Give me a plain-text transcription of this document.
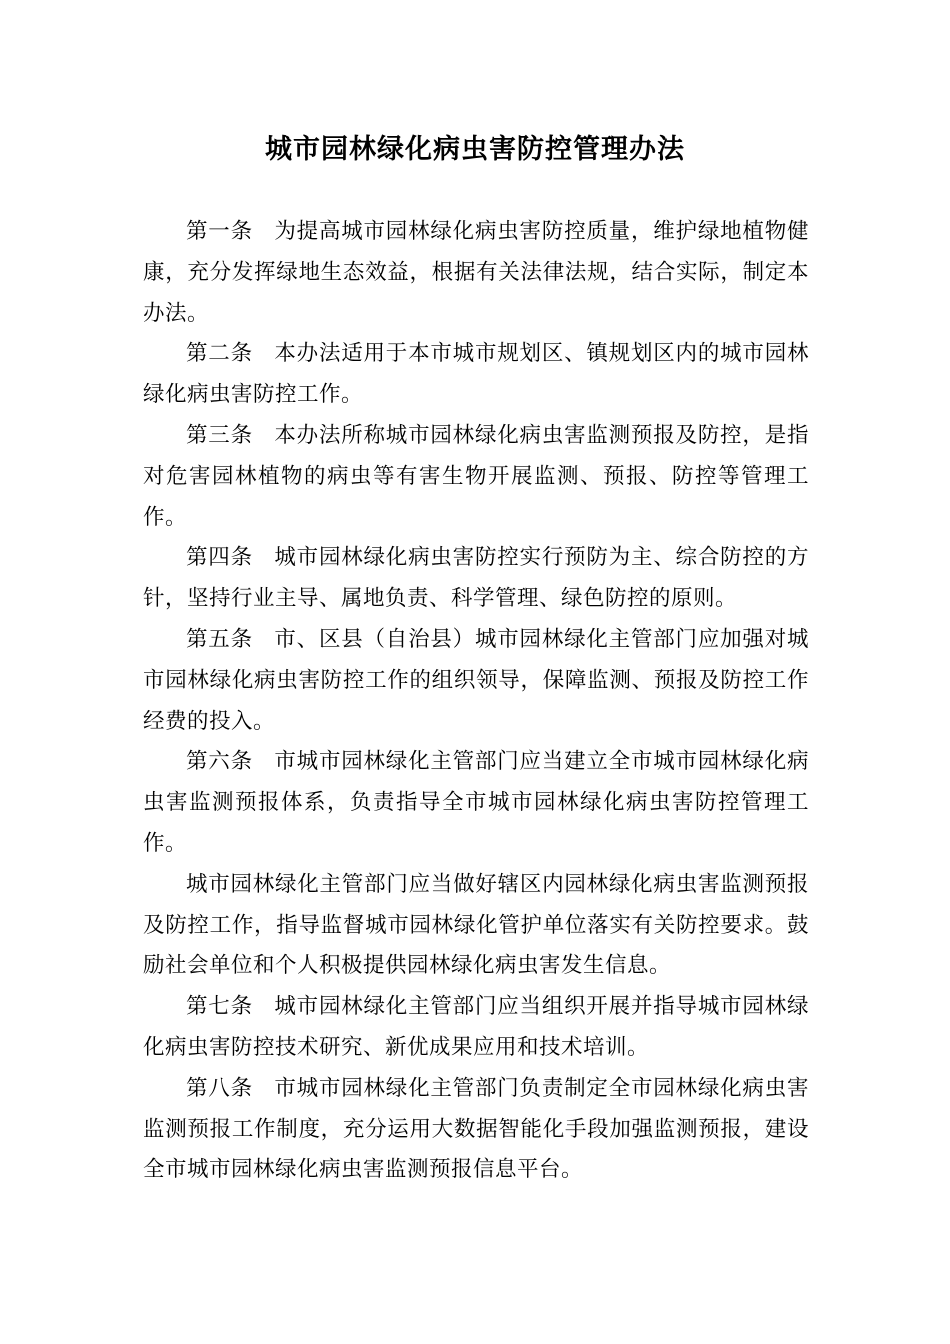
城市园林绿化病虫害防控管理办法

第一条 为提高城市园林绿化病虫害防控质量，维护绿地植物健康，充分发挥绿地生态效益，根据有关法律法规，结合实际，制定本办法。

第二条 本办法适用于本市城市规划区、镇规划区内的城市园林绿化病虫害防控工作。

第三条 本办法所称城市园林绿化病虫害监测预报及防控，是指对危害园林植物的病虫等有害生物开展监测、预报、防控等管理工作。

第四条 城市园林绿化病虫害防控实行预防为主、综合防控的方针，坚持行业主导、属地负责、科学管理、绿色防控的原则。

第五条 市、区县（自治县）城市园林绿化主管部门应加强对城市园林绿化病虫害防控工作的组织领导，保障监测、预报及防控工作经费的投入。

第六条 市城市园林绿化主管部门应当建立全市城市园林绿化病虫害监测预报体系，负责指导全市城市园林绿化病虫害防控管理工作。

城市园林绿化主管部门应当做好辖区内园林绿化病虫害监测预报及防控工作，指导监督城市园林绿化管护单位落实有关防控要求。鼓励社会单位和个人积极提供园林绿化病虫害发生信息。

第七条 城市园林绿化主管部门应当组织开展并指导城市园林绿化病虫害防控技术研究、新优成果应用和技术培训。

第八条 市城市园林绿化主管部门负责制定全市园林绿化病虫害监测预报工作制度，充分运用大数据智能化手段加强监测预报，建设全市城市园林绿化病虫害监测预报信息平台。
